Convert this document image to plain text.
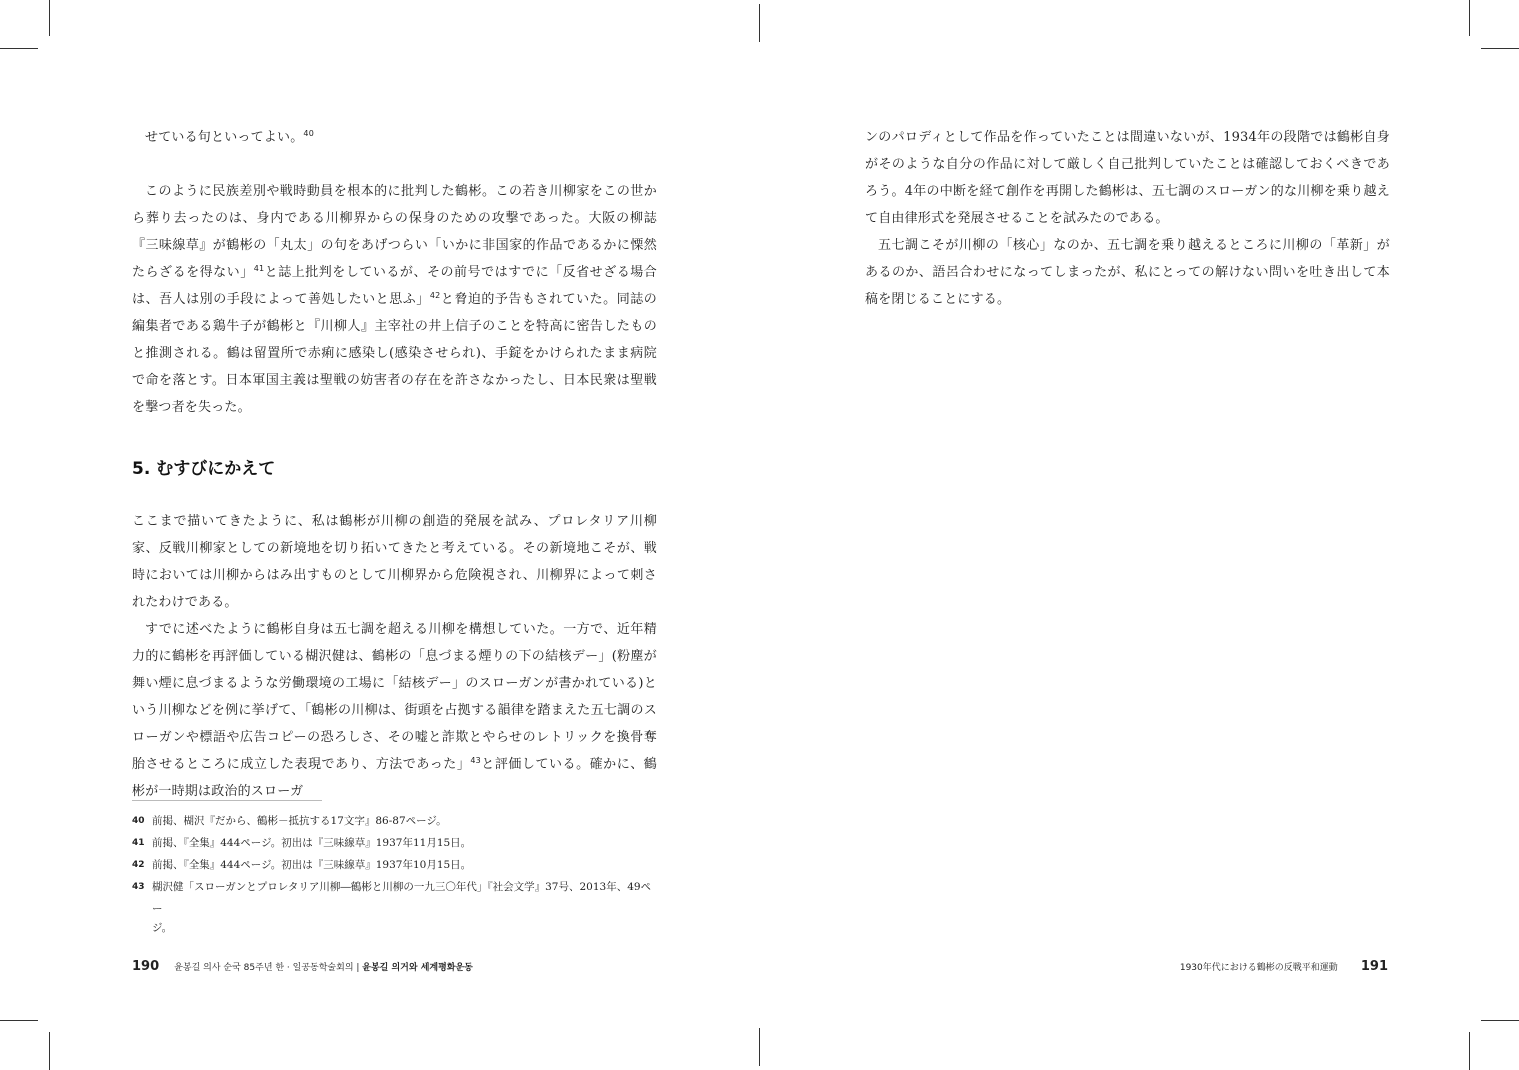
せている句といってよい。$^{40}$

このように民族差別や戦時動員を根本的に批判した鶴彬。この若き川柳家をこの世から葬り去ったのは、身内である川柳界からの保身のための攻撃であった。大阪の柳誌『三味線草』が鶴彬の「丸太」の句をあげつらい「いかに非国家的作品であるかに慄然たらざるを得ない」$^{41}$と誌上批判をしているが、その前号ではすでに「反省せざる場合は、吾人は別の手段によって善処したいと思ふ」$^{42}$と脅迫的予告もされていた。同誌の編集者である鶏牛子が鶴彬と『川柳人』主宰社の井上信子のことを特高に密告したものと推測される。鶴は留置所で赤痢に感染し(感染させられ)、手錠をかけられたまま病院で命を落とす。日本軍国主義は聖戦の妨害者の存在を許さなかったし、日本民衆は聖戦を撃つ者を失った。

5. むすびにかえて

ここまで描いてきたように、私は鶴彬が川柳の創造的発展を試み、プロレタリア川柳家、反戦川柳家としての新境地を切り拓いてきたと考えている。その新境地こそが、戦時においては川柳からはみ出すものとして川柳界から危険視され、川柳界によって刺されたわけである。

すでに述べたように鶴彬自身は五七調を超える川柳を構想していた。一方で、近年精力的に鶴彬を再評価している楜沢健は、鶴彬の「息づまる煙りの下の結核デー」(粉塵が舞い煙に息づまるような労働環境の工場に「結核デー」のスローガンが書かれている)という川柳などを例に挙げて、「鶴彬の川柳は、街頭を占拠する韻律を踏まえた五七調のスローガンや標語や広告コピーの恐ろしさ、その嘘と詐欺とやらせのレトリックを換骨奪胎させるところに成立した表現であり、方法であった」$^{43}$と評価している。確かに、鶴彬が一時期は政治的スローガ

40 前掲、楜沢『だから、鶴彬－抵抗する17文字』86-87ページ。
41 前掲、『全集』444ページ。初出は『三味線草』1937年11月15日。
42 前掲、『全集』444ページ。初出は『三味線草』1937年10月15日。
43 楜沢健「スローガンとプロレタリア川柳―鶴彬と川柳の一九三〇年代」『社会文学』37号、2013年、49ペー
ジ。
190 윤봉길 의사 순국 85주년 한 · 일공동학술회의 | 윤봉길 의거와 세계평화운동

ンのパロディとして作品を作っていたことは間違いないが、1934年の段階では鶴彬自身がそのような自分の作品に対して厳しく自己批判していたことは確認しておくべきであろう。4年の中断を経て創作を再開した鶴彬は、五七調のスローガン的な川柳を乗り越えて自由律形式を発展させることを試みたのである。

五七調こそが川柳の「核心」なのか、五七調を乗り越えるところに川柳の「革新」があるのか、語呂合わせになってしまったが、私にとっての解けない問いを吐き出して本稿を閉じることにする。

1930年代における鶴彬の反戦平和運動 191
